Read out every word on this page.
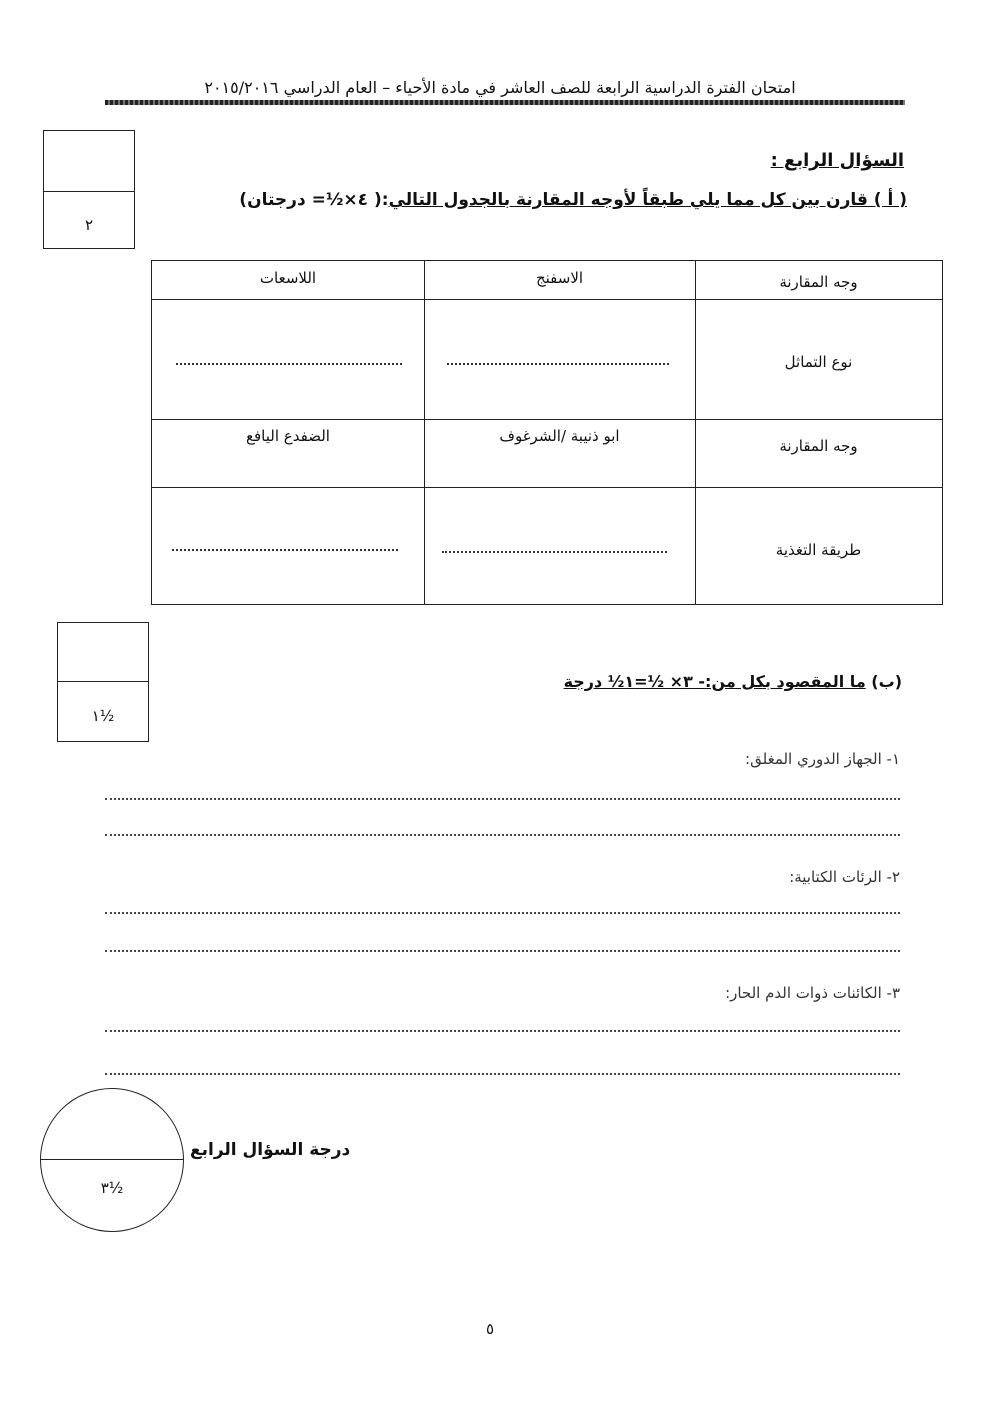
امتحان الفترة الدراسية الرابعة للصف العاشر في مادة الأحياء – العام الدراسي ٢٠١٥/٢٠١٦
٢
السؤال الرابع :
( أ ) قارن بين كل مما يلي طبقاً لأوجه المقارنة بالجدول التالي:( ٤×½= درجتان)
وجه المقارنة
الاسفنج
اللاسعات
نوع التماثل
وجه المقارنة
ابو ذنيبة /الشرغوف
الضفدع اليافع
طريقة التغذية
١½
(ب) ما المقصود بكل من:- ٣× ½=١½ درجة
١- الجهاز الدوري المغلق:
٢- الرئات الكتابية:
٣- الكائنات ذوات الدم الحار:
٣½
درجة السؤال الرابع
٥
